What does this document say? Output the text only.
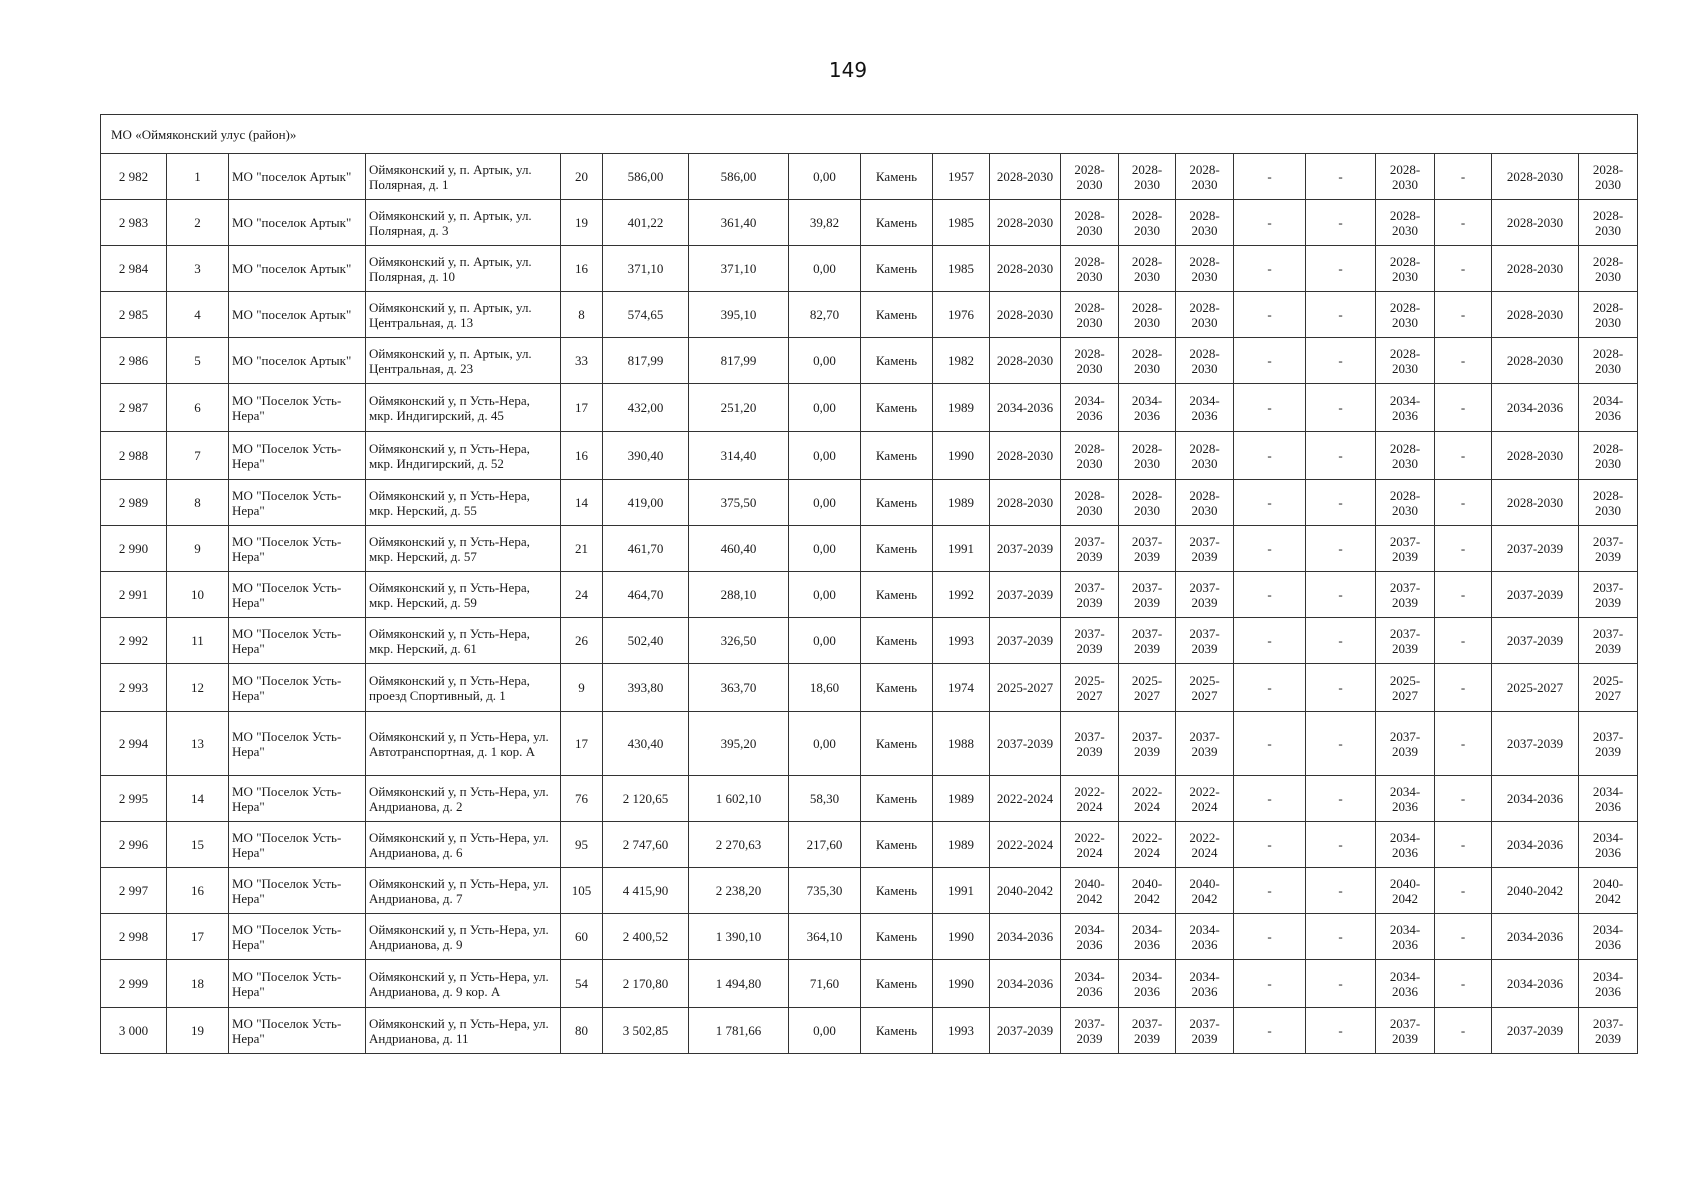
149
МО «Оймяконский улус (район)»																			
2 982	1	МО "поселок Артык"	Оймяконский у, п. Артык, ул. Полярная, д. 1	20	586,00	586,00	0,00	Камень	1957	2028-2030	2028-2030	2028-2030	2028-2030	-	-	2028-2030	-	2028-2030	2028-2030
2 983	2	МО "поселок Артык"	Оймяконский у, п. Артык, ул. Полярная, д. 3	19	401,22	361,40	39,82	Камень	1985	2028-2030	2028-2030	2028-2030	2028-2030	-	-	2028-2030	-	2028-2030	2028-2030
2 984	3	МО "поселок Артык"	Оймяконский у, п. Артык, ул. Полярная, д. 10	16	371,10	371,10	0,00	Камень	1985	2028-2030	2028-2030	2028-2030	2028-2030	-	-	2028-2030	-	2028-2030	2028-2030
2 985	4	МО "поселок Артык"	Оймяконский у, п. Артык, ул. Центральная, д. 13	8	574,65	395,10	82,70	Камень	1976	2028-2030	2028-2030	2028-2030	2028-2030	-	-	2028-2030	-	2028-2030	2028-2030
2 986	5	МО "поселок Артык"	Оймяконский у, п. Артык, ул. Центральная, д. 23	33	817,99	817,99	0,00	Камень	1982	2028-2030	2028-2030	2028-2030	2028-2030	-	-	2028-2030	-	2028-2030	2028-2030
2 987	6	МО "Поселок Усть-Нера"	Оймяконский у, п Усть-Нера, мкр. Индигирский, д. 45	17	432,00	251,20	0,00	Камень	1989	2034-2036	2034-2036	2034-2036	2034-2036	-	-	2034-2036	-	2034-2036	2034-2036
2 988	7	МО "Поселок Усть-Нера"	Оймяконский у, п Усть-Нера, мкр. Индигирский, д. 52	16	390,40	314,40	0,00	Камень	1990	2028-2030	2028-2030	2028-2030	2028-2030	-	-	2028-2030	-	2028-2030	2028-2030
2 989	8	МО "Поселок Усть-Нера"	Оймяконский у, п Усть-Нера, мкр. Нерский, д. 55	14	419,00	375,50	0,00	Камень	1989	2028-2030	2028-2030	2028-2030	2028-2030	-	-	2028-2030	-	2028-2030	2028-2030
2 990	9	МО "Поселок Усть-Нера"	Оймяконский у, п Усть-Нера, мкр. Нерский, д. 57	21	461,70	460,40	0,00	Камень	1991	2037-2039	2037-2039	2037-2039	2037-2039	-	-	2037-2039	-	2037-2039	2037-2039
2 991	10	МО "Поселок Усть-Нера"	Оймяконский у, п Усть-Нера, мкр. Нерский, д. 59	24	464,70	288,10	0,00	Камень	1992	2037-2039	2037-2039	2037-2039	2037-2039	-	-	2037-2039	-	2037-2039	2037-2039
2 992	11	МО "Поселок Усть-Нера"	Оймяконский у, п Усть-Нера, мкр. Нерский, д. 61	26	502,40	326,50	0,00	Камень	1993	2037-2039	2037-2039	2037-2039	2037-2039	-	-	2037-2039	-	2037-2039	2037-2039
2 993	12	МО "Поселок Усть-Нера"	Оймяконский у, п Усть-Нера, проезд Спортивный, д. 1	9	393,80	363,70	18,60	Камень	1974	2025-2027	2025-2027	2025-2027	2025-2027	-	-	2025-2027	-	2025-2027	2025-2027
2 994	13	МО "Поселок Усть-Нера"	Оймяконский у, п Усть-Нера, ул. Автотранспортная, д. 1 кор. А	17	430,40	395,20	0,00	Камень	1988	2037-2039	2037-2039	2037-2039	2037-2039	-	-	2037-2039	-	2037-2039	2037-2039
2 995	14	МО "Поселок Усть-Нера"	Оймяконский у, п Усть-Нера, ул. Андрианова, д. 2	76	2 120,65	1 602,10	58,30	Камень	1989	2022-2024	2022-2024	2022-2024	2022-2024	-	-	2034-2036	-	2034-2036	2034-2036
2 996	15	МО "Поселок Усть-Нера"	Оймяконский у, п Усть-Нера, ул. Андрианова, д. 6	95	2 747,60	2 270,63	217,60	Камень	1989	2022-2024	2022-2024	2022-2024	2022-2024	-	-	2034-2036	-	2034-2036	2034-2036
2 997	16	МО "Поселок Усть-Нера"	Оймяконский у, п Усть-Нера, ул. Андрианова, д. 7	105	4 415,90	2 238,20	735,30	Камень	1991	2040-2042	2040-2042	2040-2042	2040-2042	-	-	2040-2042	-	2040-2042	2040-2042
2 998	17	МО "Поселок Усть-Нера"	Оймяконский у, п Усть-Нера, ул. Андрианова, д. 9	60	2 400,52	1 390,10	364,10	Камень	1990	2034-2036	2034-2036	2034-2036	2034-2036	-	-	2034-2036	-	2034-2036	2034-2036
2 999	18	МО "Поселок Усть-Нера"	Оймяконский у, п Усть-Нера, ул. Андрианова, д. 9 кор. А	54	2 170,80	1 494,80	71,60	Камень	1990	2034-2036	2034-2036	2034-2036	2034-2036	-	-	2034-2036	-	2034-2036	2034-2036
3 000	19	МО "Поселок Усть-Нера"	Оймяконский у, п Усть-Нера, ул. Андрианова, д. 11	80	3 502,85	1 781,66	0,00	Камень	1993	2037-2039	2037-2039	2037-2039	2037-2039	-	-	2037-2039	-	2037-2039	2037-2039
